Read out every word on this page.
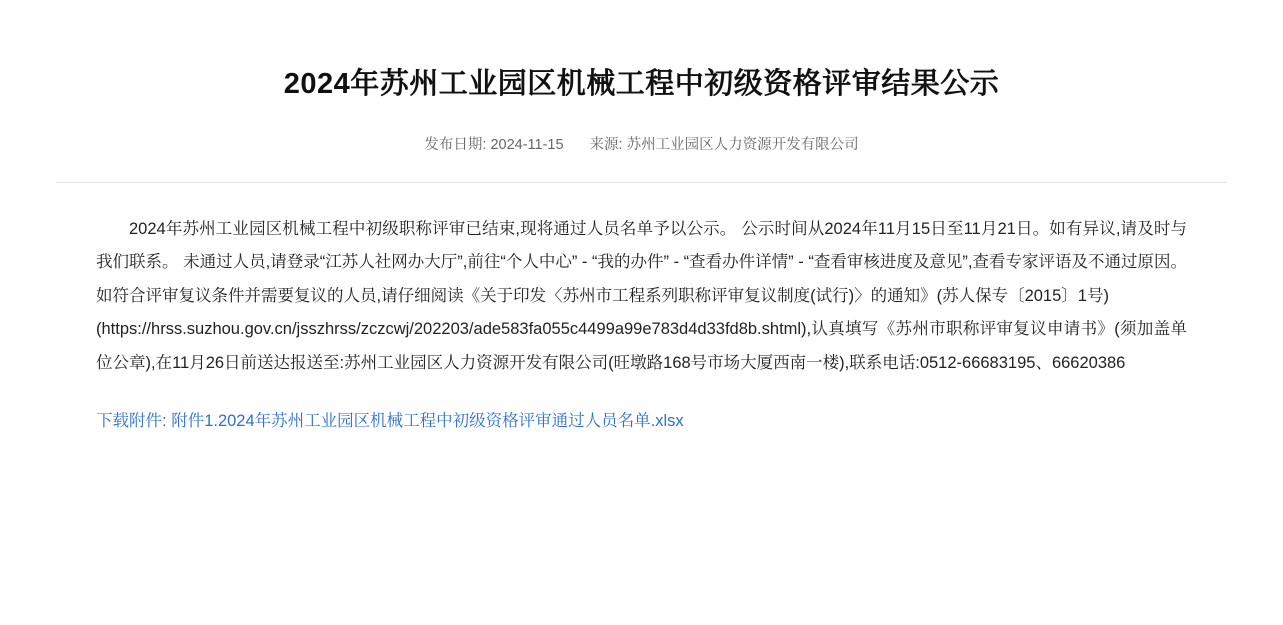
2024年苏州工业园区机械工程中初级资格评审结果公示
发布日期: 2024-11-15 来源: 苏州工业园区人力资源开发有限公司

2024年苏州工业园区机械工程中初级职称评审已结束,现将通过人员名单予以公示。 公示时间从2024年11月15日至11月21日。如有异议,请及时与我们联系。 未通过人员,请登录“江苏人社网办大厅”,前往“个人中心” - “我的办件” - “查看办件详情” - “查看审核进度及意见”,查看专家评语及不通过原因。如符合评审复议条件并需要复议的人员,请仔细阅读《关于印发〈苏州市工程系列职称评审复议制度(试行)〉的通知》(苏人保专〔2015〕1号)

(https://hrss.suzhou.gov.cn/jsszhrss/zczcwj/202203/ade583fa055c4499a99e783d4d33fd8b.shtml),认真填写《苏州市职称评审复议申请书》(须加盖单位公章),在11月26日前送达报送至:苏州工业园区人力资源开发有限公司(旺墩路168号市场大厦西南一楼),联系电话:0512-66683195、66620386

下载附件: 附件1.2024年苏州工业园区机械工程中初级资格评审通过人员名单.xlsx
